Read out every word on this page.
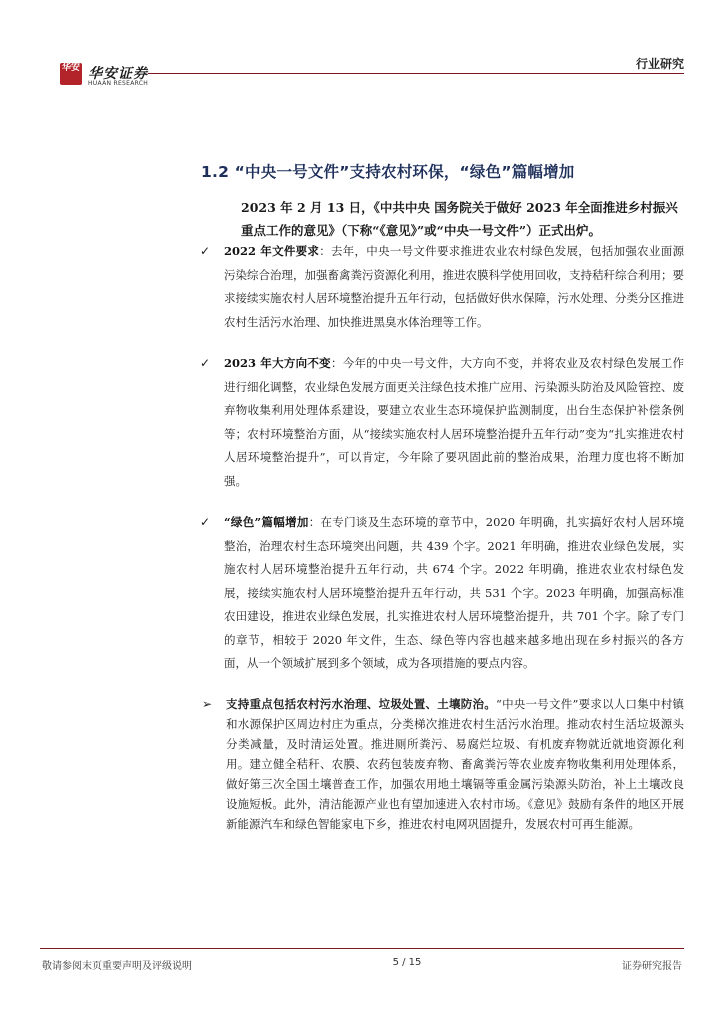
华安 华安证券
HUAAN RESEARCH
行业研究
1.2 “中央一号文件”支持农村环保，“绿色”篇幅增加
2023 年 2 月 13 日，《中共中央 国务院关于做好 2023 年全面推进乡村振兴重点工作的意见》（下称“《意见》”或“中央一号文件”）正式出炉。
✓ 2022 年文件要求：去年，中央一号文件要求推进农业农村绿色发展，包括加强农业面源污染综合治理，加强畜禽粪污资源化利用，推进农膜科学使用回收，支持秸秆综合利用；要求接续实施农村人居环境整治提升五年行动，包括做好供水保障，污水处理、分类分区推进农村生活污水治理、加快推进黑臭水体治理等工作。
✓ 2023 年大方向不变：今年的中央一号文件，大方向不变，并将农业及农村绿色发展工作进行细化调整，农业绿色发展方面更关注绿色技术推广应用、污染源头防治及风险管控、废弃物收集利用处理体系建设，要建立农业生态环境保护监测制度，出台生态保护补偿条例等；农村环境整治方面，从“接续实施农村人居环境整治提升五年行动”变为“扎实推进农村人居环境整治提升”，可以肯定，今年除了要巩固此前的整治成果，治理力度也将不断加强。
✓ “绿色”篇幅增加：在专门谈及生态环境的章节中，2020 年明确，扎实搞好农村人居环境整治，治理农村生态环境突出问题，共 439 个字。2021 年明确，推进农业绿色发展，实施农村人居环境整治提升五年行动，共 674 个字。2022 年明确，推进农业农村绿色发展，接续实施农村人居环境整治提升五年行动，共 531 个字。2023 年明确，加强高标准农田建设，推进农业绿色发展，扎实推进农村人居环境整治提升，共 701 个字。除了专门的章节，相较于 2020 年文件，生态、绿色等内容也越来越多地出现在乡村振兴的各方面，从一个领域扩展到多个领域，成为各项措施的要点内容。
➢ 支持重点包括农村污水治理、垃圾处置、土壤防治。“中央一号文件”要求以人口集中村镇和水源保护区周边村庄为重点，分类梯次推进农村生活污水治理。推动农村生活垃圾源头分类减量，及时清运处置。推进厕所粪污、易腐烂垃圾、有机废弃物就近就地资源化利用。建立健全秸秆、农膜、农药包装废弃物、畜禽粪污等农业废弃物收集利用处理体系，做好第三次全国土壤普查工作，加强农用地土壤镉等重金属污染源头防治，补上土壤改良设施短板。此外，清洁能源产业也有望加速进入农村市场。《意见》鼓励有条件的地区开展新能源汽车和绿色智能家电下乡，推进农村电网巩固提升，发展农村可再生能源。
敬请参阅末页重要声明及评级说明	5 / 15	证券研究报告
